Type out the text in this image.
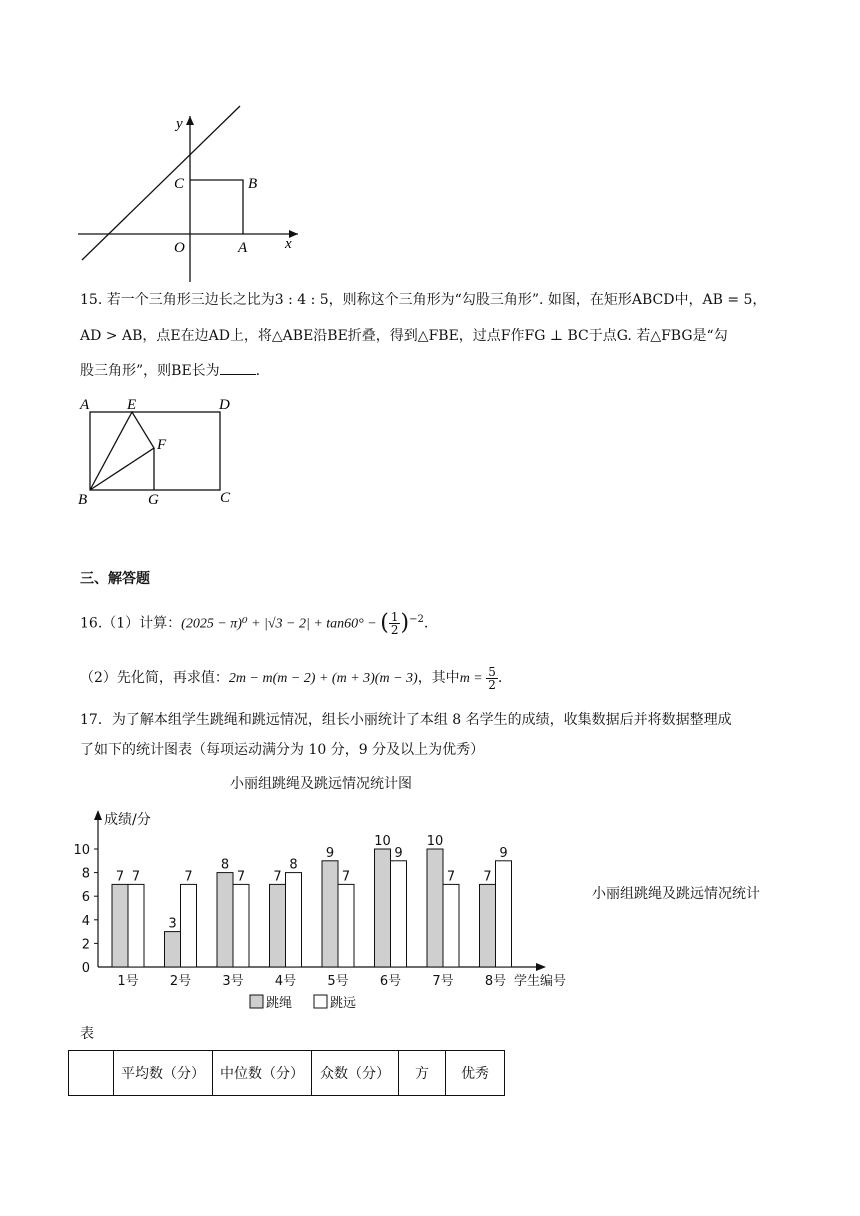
y
x
O	A
B
C
15. 若一个三角形三边长之比为3 : 4 : 5，则称这个三角形为“勾股三角形”. 如图，在矩形ABCD中，AB = 5，
AD > AB，点E在边AD上，将△ABE沿BE折叠，得到△FBE，过点F作FG ⊥ BC于点G. 若△FBG是“勾
股三角形”，则BE长为	.
A	E	D
F
B	G	C
三、解答题
16.（1）计算：(2025 − π)⁰ + |√3 − 2| + tan60° − ( $\frac{1}{2} )^{-2}$.
（2）先化简，再求值：2m − m(m − 2) + (m + 3)(m − 3)，其中$m = \frac{5}{2}$ .
17．为了解本组学生跳绳和跳远情况，组长小丽统计了本组 8 名学生的成绩，收集数据后并将数据整理成
了如下的统计图表（每项运动满分为 10 分，9 分及以上为优秀）
小丽组跳绳及跳远情况统计图
成绩/分
0
2
4
6
8
10
7 7
1号
3
7
2号
8
7
3号
7
8
4号
9
7
5号
10
9
6号
10
7
7号
7
9
8号 学生编号
跳绳	跳远
小丽组跳绳及跳远情况统计
表
	平均数（分）	中位数（分）	众数（分）	方	优秀
